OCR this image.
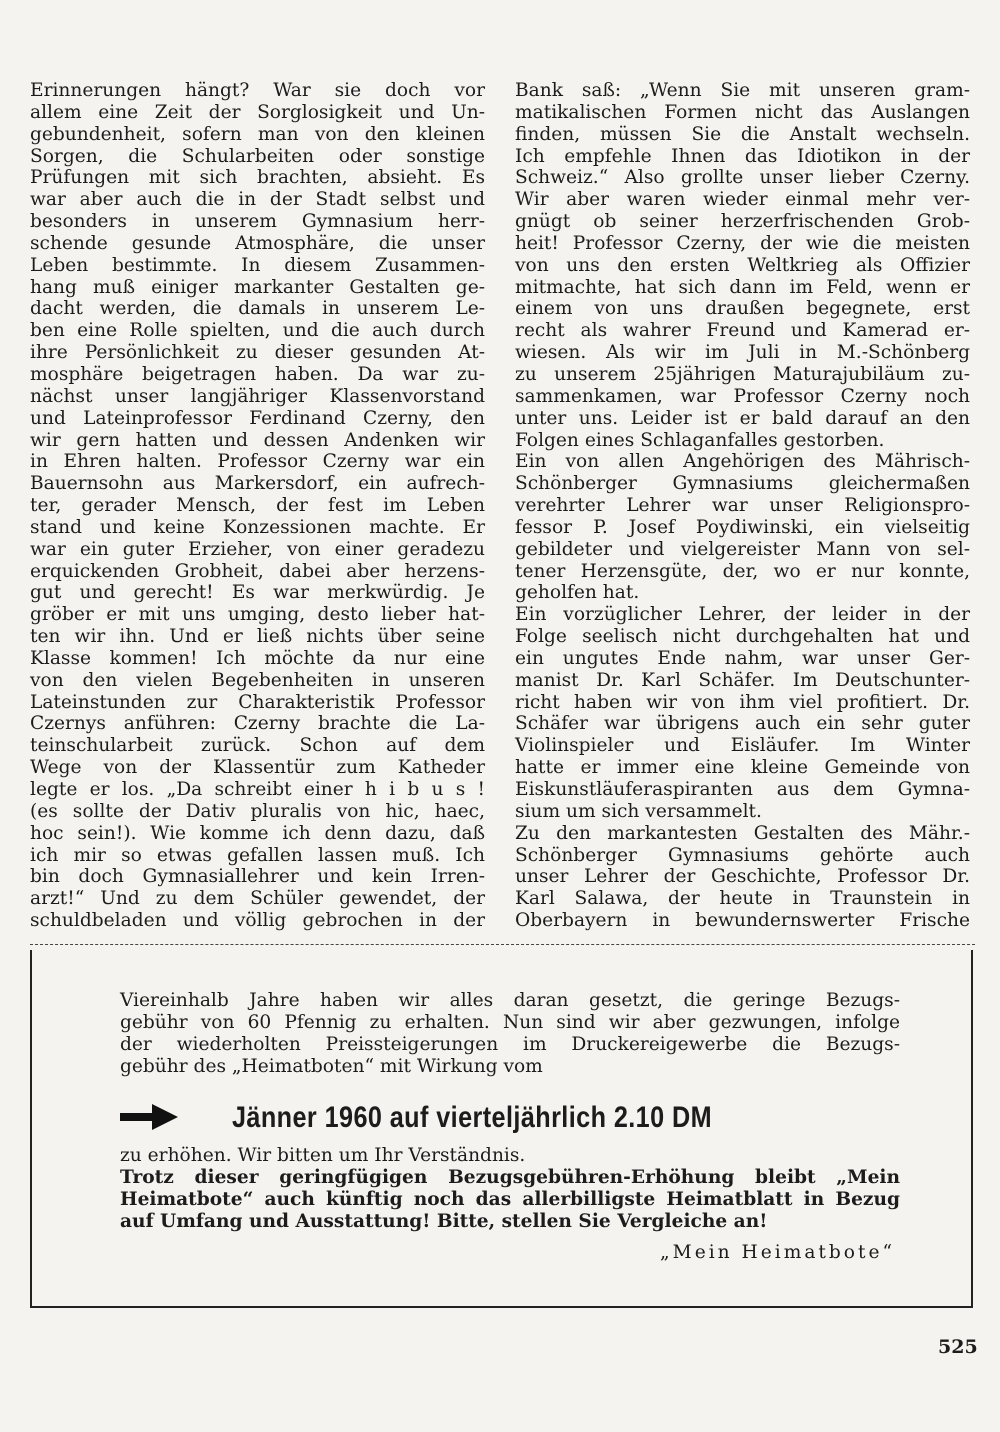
Erinnerungen hängt? War sie doch vor
allem eine Zeit der Sorglosigkeit und Un-
gebundenheit, sofern man von den kleinen
Sorgen, die Schularbeiten oder sonstige
Prüfungen mit sich brachten, absieht. Es
war aber auch die in der Stadt selbst und
besonders in unserem Gymnasium herr-
schende gesunde Atmosphäre, die unser
Leben bestimmte. In diesem Zusammen-
hang muß einiger markanter Gestalten ge-
dacht werden, die damals in unserem Le-
ben eine Rolle spielten, und die auch durch
ihre Persönlichkeit zu dieser gesunden At-
mosphäre beigetragen haben. Da war zu-
nächst unser langjähriger Klassenvorstand
und Lateinprofessor Ferdinand Czerny, den
wir gern hatten und dessen Andenken wir
in Ehren halten. Professor Czerny war ein
Bauernsohn aus Markersdorf, ein aufrech-
ter, gerader Mensch, der fest im Leben
stand und keine Konzessionen machte. Er
war ein guter Erzieher, von einer geradezu
erquickenden Grobheit, dabei aber herzens-
gut und gerecht! Es war merkwürdig. Je
gröber er mit uns umging, desto lieber hat-
ten wir ihn. Und er ließ nichts über seine
Klasse kommen! Ich möchte da nur eine
von den vielen Begebenheiten in unseren
Lateinstunden zur Charakteristik Professor
Czernys anführen: Czerny brachte die La-
teinschularbeit zurück. Schon auf dem
Wege von der Klassentür zum Katheder
legte er los. „Da schreibt einer h i b u s !
(es sollte der Dativ pluralis von hic, haec,
hoc sein!). Wie komme ich denn dazu, daß
ich mir so etwas gefallen lassen muß. Ich
bin doch Gymnasiallehrer und kein Irren-
arzt!“ Und zu dem Schüler gewendet, der
schuldbeladen und völlig gebrochen in der
Bank saß: „Wenn Sie mit unseren gram-
matikalischen Formen nicht das Auslangen
finden, müssen Sie die Anstalt wechseln.
Ich empfehle Ihnen das Idiotikon in der
Schweiz.“ Also grollte unser lieber Czerny.
Wir aber waren wieder einmal mehr ver-
gnügt ob seiner herzerfrischenden Grob-
heit! Professor Czerny, der wie die meisten
von uns den ersten Weltkrieg als Offizier
mitmachte, hat sich dann im Feld, wenn er
einem von uns draußen begegnete, erst
recht als wahrer Freund und Kamerad er-
wiesen. Als wir im Juli in M.-Schönberg
zu unserem 25jährigen Maturajubiläum zu-
sammenkamen, war Professor Czerny noch
unter uns. Leider ist er bald darauf an den
Folgen eines Schlaganfalles gestorben.
Ein von allen Angehörigen des Mährisch-
Schönberger Gymnasiums gleichermaßen
verehrter Lehrer war unser Religionspro-
fessor P. Josef Poydiwinski, ein vielseitig
gebildeter und vielgereister Mann von sel-
tener Herzensgüte, der, wo er nur konnte,
geholfen hat.
Ein vorzüglicher Lehrer, der leider in der
Folge seelisch nicht durchgehalten hat und
ein ungutes Ende nahm, war unser Ger-
manist Dr. Karl Schäfer. Im Deutschunter-
richt haben wir von ihm viel profitiert. Dr.
Schäfer war übrigens auch ein sehr guter
Violinspieler und Eisläufer. Im Winter
hatte er immer eine kleine Gemeinde von
Eiskunstläuferaspiranten aus dem Gymna-
sium um sich versammelt.
Zu den markantesten Gestalten des Mähr.-
Schönberger Gymnasiums gehörte auch
unser Lehrer der Geschichte, Professor Dr.
Karl Salawa, der heute in Traunstein in
Oberbayern in bewundernswerter Frische
Viereinhalb Jahre haben wir alles daran gesetzt, die geringe Bezugs-
gebühr von 60 Pfennig zu erhalten. Nun sind wir aber gezwungen, infolge
der wiederholten Preissteigerungen im Druckereigewerbe die Bezugs-
gebühr des „Heimatboten“ mit Wirkung vom
Jänner 1960 auf vierteljährlich 2.10 DM
zu erhöhen. Wir bitten um Ihr Verständnis.
Trotz dieser geringfügigen Bezugsgebühren-Erhöhung bleibt „Mein
Heimatbote“ auch künftig noch das allerbilligste Heimatblatt in Bezug
auf Umfang und Ausstattung! Bitte, stellen Sie Vergleiche an!
„Mein Heimatbote“
525
